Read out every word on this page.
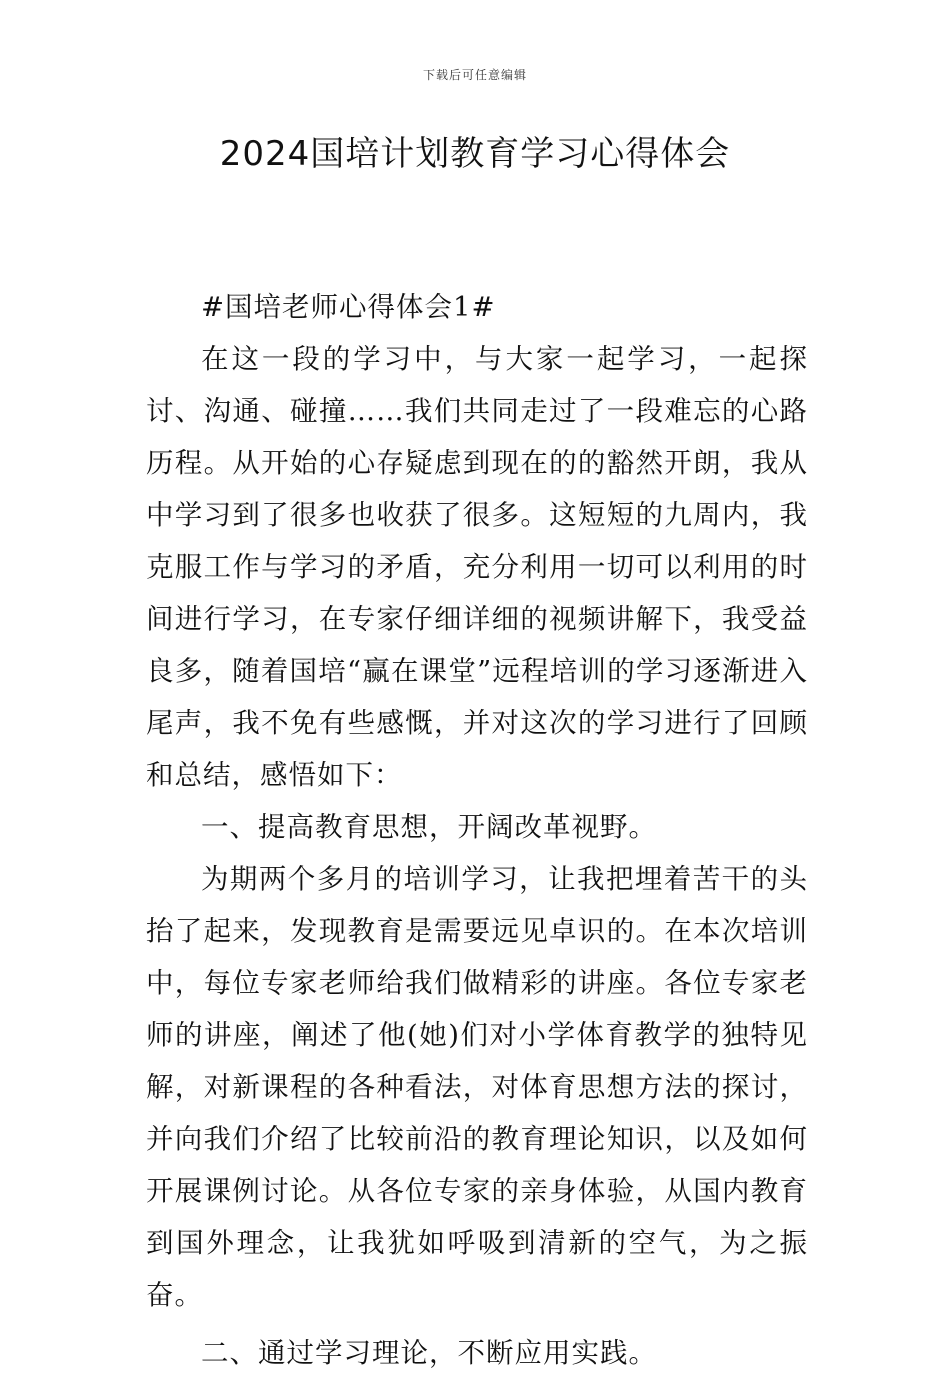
下载后可任意编辑
2024国培计划教育学习心得体会

#国培老师心得体会1#

在这一段的学习中，与大家一起学习，一起探讨、沟通、碰撞……我们共同走过了一段难忘的心路历程。从开始的心存疑虑到现在的的豁然开朗，我从中学习到了很多也收获了很多。这短短的九周内，我克服工作与学习的矛盾，充分利用一切可以利用的时间进行学习，在专家仔细详细的视频讲解下，我受益良多，随着国培“赢在课堂”远程培训的学习逐渐进入尾声，我不免有些感慨，并对这次的学习进行了回顾和总结，感悟如下：

一、提高教育思想，开阔改革视野。

为期两个多月的培训学习，让我把埋着苦干的头抬了起来，发现教育是需要远见卓识的。在本次培训中，每位专家老师给我们做精彩的讲座。各位专家老师的讲座，阐述了他(她)们对小学体育教学的独特见解，对新课程的各种看法，对体育思想方法的探讨，并向我们介绍了比较前沿的教育理论知识，以及如何开展课例讨论。从各位专家的亲身体验，从国内教育到国外理念，让我犹如呼吸到清新的空气，为之振奋。

二、通过学习理论，不断应用实践。
